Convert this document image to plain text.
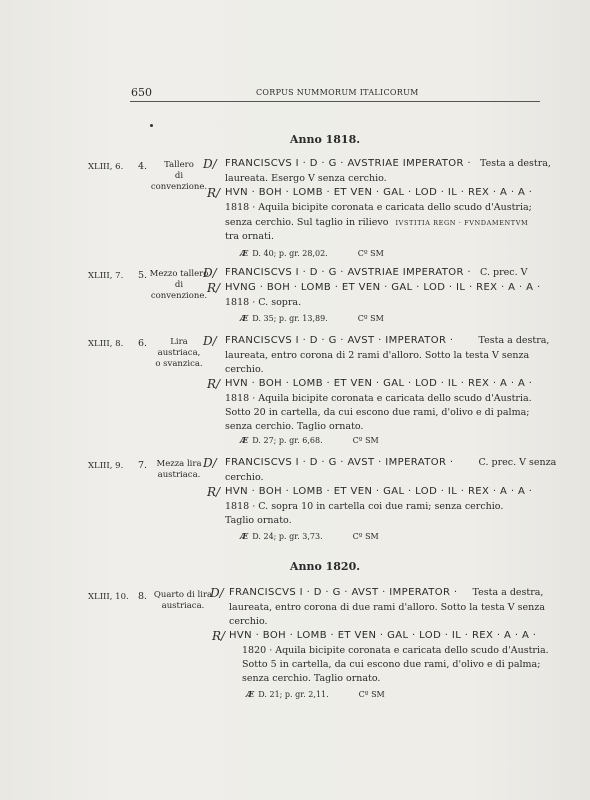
650	CORPUS NUMMORUM ITALICORUM
Anno 1818.
XLIII, 6. 4.	Tallero
di convenzione.
D/ FRANCISCVS I · D · G · AVSTRIAE IMPERATOR · Testa a destra,
laureata. Esergo V senza cerchio.
R/ HVN · BOH · LOMB · ET VEN · GAL · LOD · IL · REX · A · A ·
1818 · Aquila bicipite coronata e caricata dello scudo d'Austria;
senza cerchio. Sul taglio in rilievo IVSTITIA REGN · FVNDAMENTVM
tra ornati.
Æ D. 40; p. gr. 28,02.	Cº SM
XLIII, 7. 5. Mezzo tallero
di convenzione.
D/ FRANCISCVS I · D · G · AVSTRIAE IMPERATOR · C. prec. V
R/ HVNG · BOH · LOMB · ET VEN · GAL · LOD · IL · REX · A · A ·
1818 · C. sopra.
Æ D. 35; p. gr. 13,89.	Cº SM
XLIII, 8. 6.	Lira austriaca,
o svanzica.
D/ FRANCISCVS I · D · G · AVST · IMPERATOR ·	Testa a destra,
laureata, entro corona di 2 rami d'alloro. Sotto la testa V senza
cerchio.
R/ HVN · BOH · LOMB · ET VEN · GAL · LOD · IL · REX · A · A ·
1818 · Aquila bicipite coronata e caricata dello scudo d'Austria.
Sotto 20 in cartella, da cui escono due rami, d'olivo e di palma;
senza cerchio. Taglio ornato.
Æ D. 27; p. gr. 6,68.	Cº SM
XLIII, 9. 7.	Mezza lira
austriaca.
D/ FRANCISCVS I · D · G · AVST · IMPERATOR ·	C. prec. V senza
cerchio.
R/ HVN · BOH · LOMB · ET VEN · GAL · LOD · IL · REX · A · A ·
1818 · C. sopra 10 in cartella coi due rami; senza cerchio.
Taglio ornato.
Æ D. 24; p. gr. 3,73.	Cº SM
Anno 1820.
XLIII, 10. 8. Quarto di lira
austriaca.
D/ FRANCISCVS I · D · G · AVST · IMPERATOR · Testa a destra,
laureata, entro corona di due rami d'alloro. Sotto la testa V senza
cerchio.
R/ HVN · BOH · LOMB · ET VEN · GAL · LOD · IL · REX · A · A ·
1820 · Aquila bicipite coronata e caricata dello scudo d'Austria.
Sotto 5 in cartella, da cui escono due rami, d'olivo e di palma;
senza cerchio. Taglio ornato.
Æ D. 21; p. gr. 2,11.	Cº SM
